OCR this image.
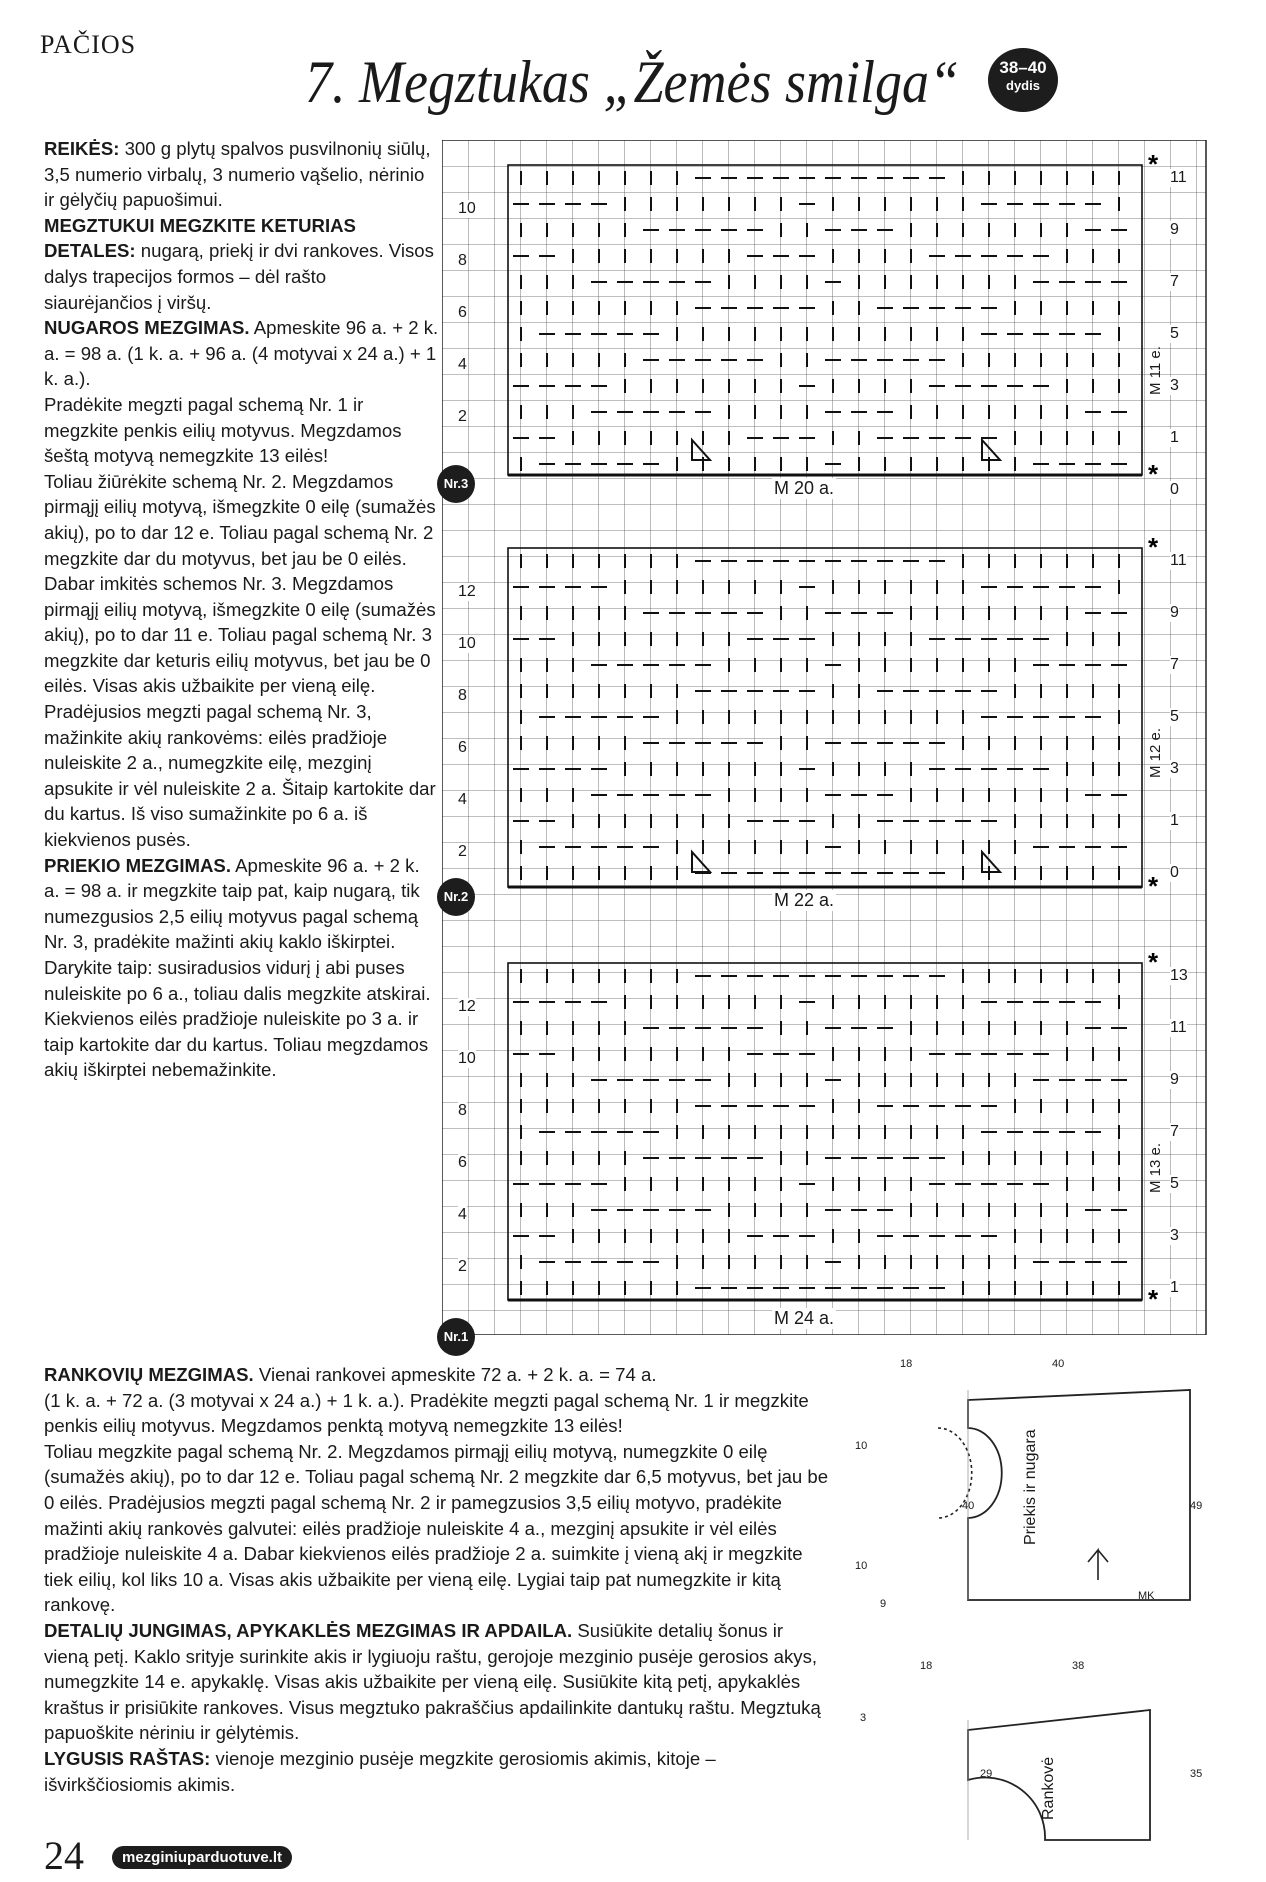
PAČIOS
7. Megztukas „Žemės smilga“	38–40
dydis

REIKĖS: 300 g plytų spalvos pusvilnonių siūlų, 3,5 numerio virbalų, 3 numerio vąšelio, nėrinio ir gėlyčių papuošimui.

MEGZTUKUI MEGZKITE KETURIAS DETALES: nugarą, priekį ir dvi rankoves. Visos dalys trapecijos formos – dėl rašto siaurėjančios į viršų.

NUGAROS MEZGIMAS. Apmeskite 96 a. + 2 k. a. = 98 a. (1 k. a. + 96 a. (4 motyvai x 24 a.) + 1 k. a.).

Pradėkite megzti pagal schemą Nr. 1 ir megzkite penkis eilių motyvus. Megzdamos šeštą motyvą nemegzkite 13 eilės!

Toliau žiūrėkite schemą Nr. 2. Megzdamos pirmąjį eilių motyvą, išmegzkite 0 eilę (sumažės akių), po to dar 12 e. Toliau pagal schemą Nr. 2 megzkite dar du motyvus, bet jau be 0 eilės.

Dabar imkitės schemos Nr. 3. Megzdamos pirmąjį eilių motyvą, išmegzkite 0 eilę (sumažės akių), po to dar 11 e. Toliau pagal schemą Nr. 3 megzkite dar keturis eilių motyvus, bet jau be 0 eilės. Visas akis užbaikite per vieną eilę.

Pradėjusios megzti pagal schemą Nr. 3, mažinkite akių rankovėms: eilės pradžioje nuleiskite 2 a., numegzkite eilę, mezginį apsukite ir vėl nuleiskite 2 a. Šitaip kartokite dar du kartus. Iš viso sumažinkite po 6 a. iš kiekvienos pusės.

PRIEKIO MEZGIMAS. Apmeskite 96 a. + 2 k. a. = 98 a. ir megzkite taip pat, kaip nugarą, tik numezgusios 2,5 eilių motyvus pagal schemą Nr. 3, pradėkite mažinti akių kaklo iškirptei. Darykite taip: susiradusios vidurį į abi puses nuleiskite po 6 a., toliau dalis megzkite atskirai. Kiekvienos eilės pradžioje nuleiskite po 3 a. ir taip kartokite dar du kartus. Toliau megzdamos akių iškirptei nebemažinkite.

*
*
*
*
*
*
10
8
6
4
2
11
9
7
5
3
1
0
M 20 a.
M 11 e.
Nr.3
12
10
8
6
4
2
11
9
7
5
3
1
0
M 22 a.
M 12 e.
Nr.2
12
10
8
6
4
2
13
11
9
7
5
3
1
M 24 a.
M 13 e.
Nr.1
18	40
10
40
10
9
49
MK
Priekis ir nugara
18	38
3
29	35
Rankovė

RANKOVIŲ MEZGIMAS. Vienai rankovei apmeskite 72 a. + 2 k. a. = 74 a.

(1 k. a. + 72 a. (3 motyvai x 24 a.) + 1 k. a.). Pradėkite megzti pagal schemą Nr. 1 ir megzkite penkis eilių motyvus. Megzdamos penktą motyvą nemegzkite 13 eilės!

Toliau megzkite pagal schemą Nr. 2. Megzdamos pirmąjį eilių motyvą, numegzkite 0 eilę (sumažės akių), po to dar 12 e. Toliau pagal schemą Nr. 2 megzkite dar 6,5 motyvus, bet jau be 0 eilės. Pradėjusios megzti pagal schemą Nr. 2 ir pamegzusios 3,5 eilių motyvo, pradėkite mažinti akių rankovės galvutei: eilės pradžioje nuleiskite 4 a., mezginį apsukite ir vėl eilės pradžioje nuleiskite 4 a. Dabar kiekvienos eilės pradžioje 2 a. suimkite į vieną akį ir megzkite tiek eilių, kol liks 10 a. Visas akis užbaikite per vieną eilę. Lygiai taip pat numegzkite ir kitą rankovę.

DETALIŲ JUNGIMAS, APYKAKLĖS MEZGIMAS IR APDAILA. Susiūkite detalių šonus ir vieną petį. Kaklo srityje surinkite akis ir lygiuoju raštu, gerojoje mezginio pusėje gerosios akys, numegzkite 14 e. apykaklę. Visas akis užbaikite per vieną eilę. Susiūkite kitą petį, apykaklės kraštus ir prisiūkite rankoves. Visus megztuko pakraščius apdailinkite dantukų raštu. Megztuką papuoškite nėriniu ir gėlytėmis.

LYGUSIS RAŠTAS: vienoje mezginio pusėje megzkite gerosiomis akimis, kitoje – išvirkščiosiomis akimis.

24	mezginiuparduotuve.lt
